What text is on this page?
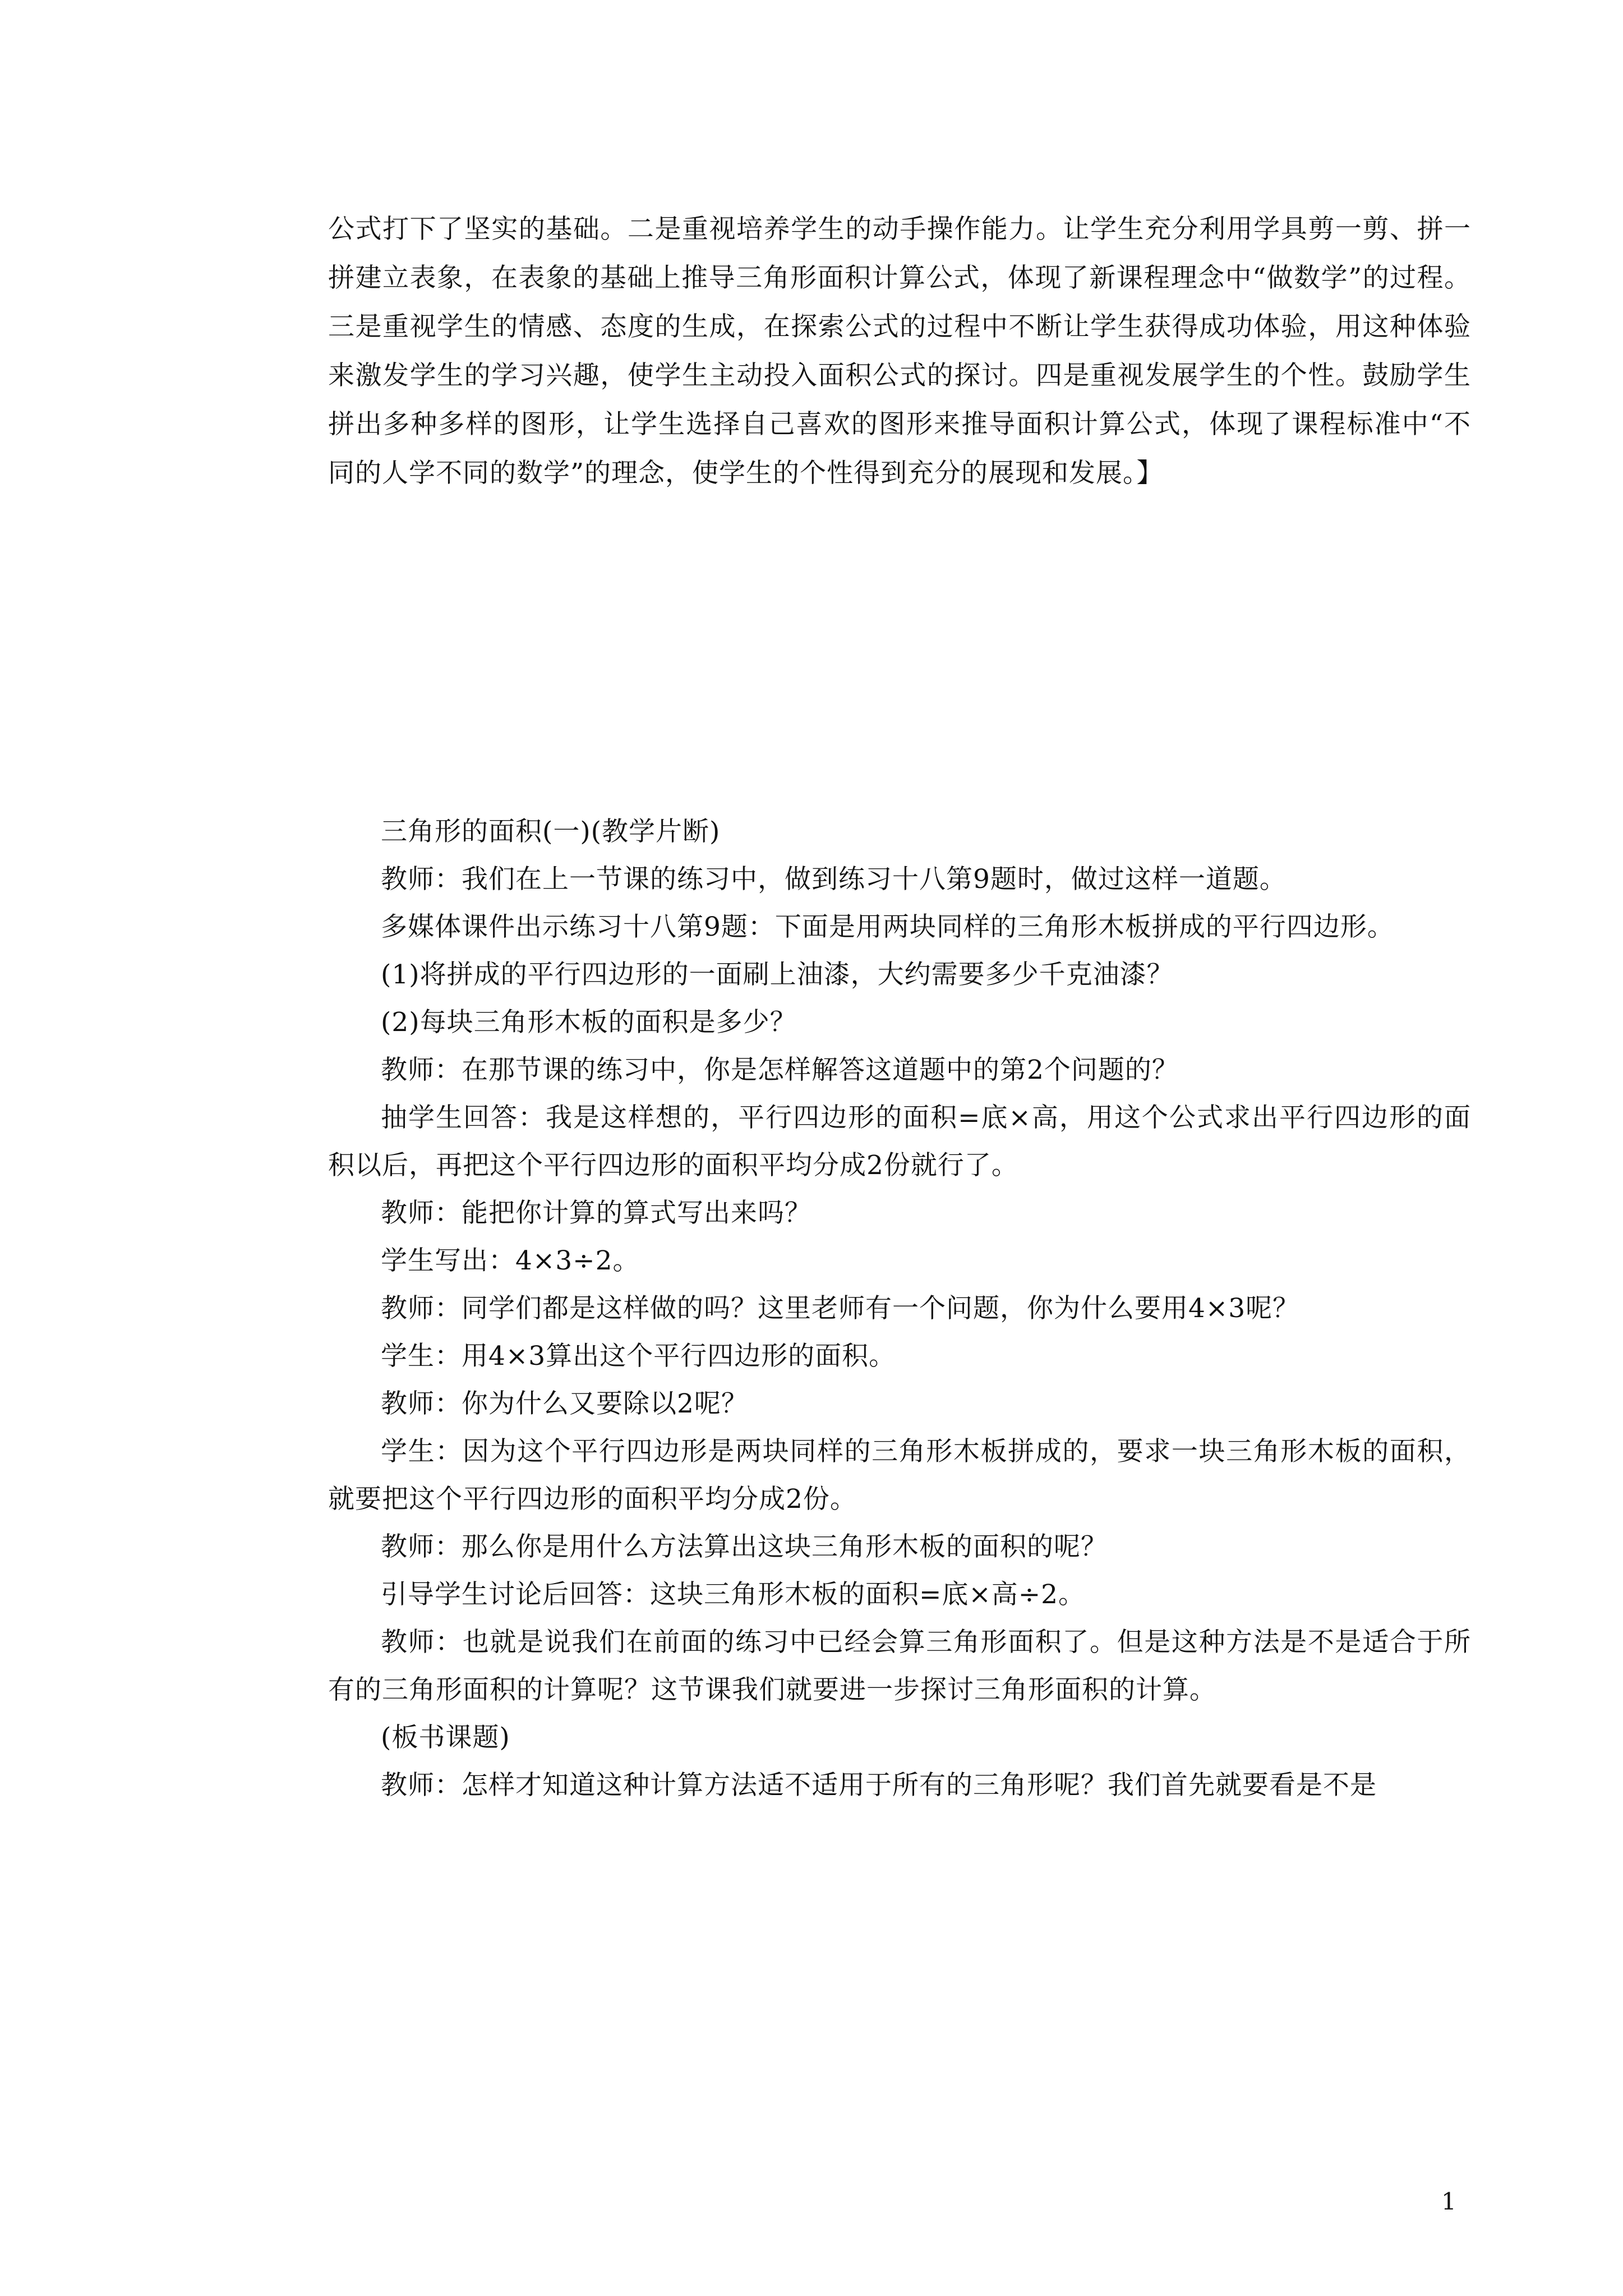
公式打下了坚实的基础。二是重视培养学生的动手操作能力。让学生充分利用学具剪一剪、拼一拼建立表象，在表象的基础上推导三角形面积计算公式，体现了新课程理念中“做数学”的过程。三是重视学生的情感、态度的生成，在探索公式的过程中不断让学生获得成功体验，用这种体验来激发学生的学习兴趣，使学生主动投入面积公式的探讨。四是重视发展学生的个性。鼓励学生拼出多种多样的图形，让学生选择自己喜欢的图形来推导面积计算公式，体现了课程标准中“不同的人学不同的数学”的理念，使学生的个性得到充分的展现和发展。】

三角形的面积(一)(教学片断)

教师：我们在上一节课的练习中，做到练习十八第9题时，做过这样一道题。

多媒体课件出示练习十八第9题：下面是用两块同样的三角形木板拼成的平行四边形。

(1)将拼成的平行四边形的一面刷上油漆，大约需要多少千克油漆？

(2)每块三角形木板的面积是多少？

教师：在那节课的练习中，你是怎样解答这道题中的第2个问题的？

抽学生回答：我是这样想的，平行四边形的面积=底×高，用这个公式求出平行四边形的面积以后，再把这个平行四边形的面积平均分成2份就行了。

教师：能把你计算的算式写出来吗？

学生写出：4×3÷2。

教师：同学们都是这样做的吗？这里老师有一个问题，你为什么要用4×3呢？

学生：用4×3算出这个平行四边形的面积。

教师：你为什么又要除以2呢？

学生：因为这个平行四边形是两块同样的三角形木板拼成的，要求一块三角形木板的面积，就要把这个平行四边形的面积平均分成2份。

教师：那么你是用什么方法算出这块三角形木板的面积的呢？

引导学生讨论后回答：这块三角形木板的面积=底×高÷2。

教师：也就是说我们在前面的练习中已经会算三角形面积了。但是这种方法是不是适合于所有的三角形面积的计算呢？这节课我们就要进一步探讨三角形面积的计算。

(板书课题)

教师：怎样才知道这种计算方法适不适用于所有的三角形呢？我们首先就要看是不是

1
